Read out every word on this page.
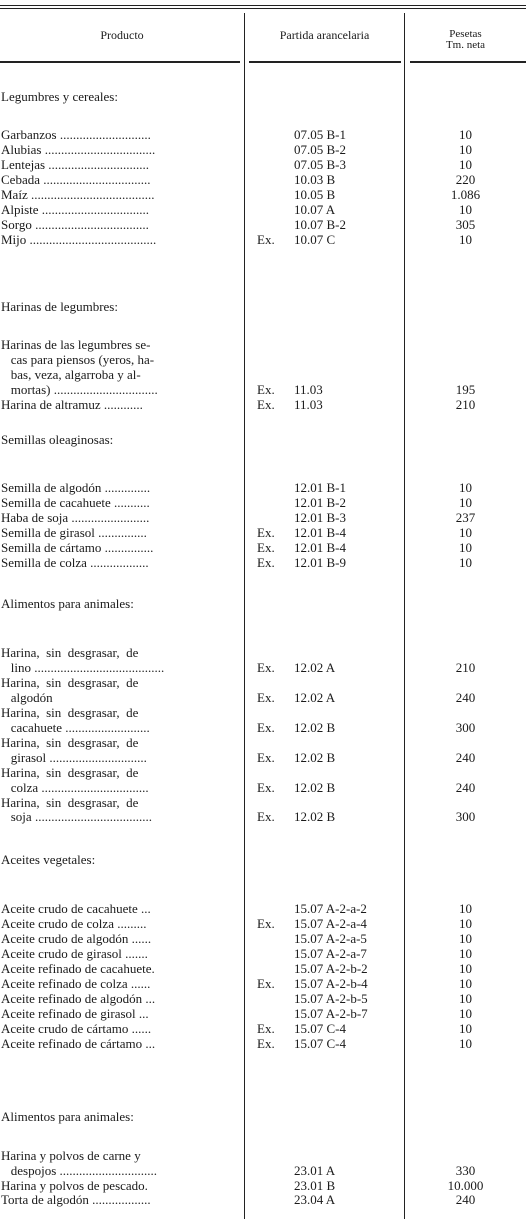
Producto	Partida arancelaria	Pesetas
Tm. neta
Legumbres y cereales:
Garbanzos ............................	07.05 B-1	10
Alubias ..................................	07.05 B-2	10
Lentejas ...............................	07.05 B-3	10
Cebada .................................	10.03 B	220
Maíz ......................................	10.05 B	1.086
Alpiste .................................	10.07 A	10
Sorgo ...................................	10.07 B-2	305
Mijo .......................................	Ex. 10.07 C	10
Harinas de legumbres:
Harinas de las legumbres se-
cas para piensos (yeros, ha-
bas, veza, algarroba y al-
mortas) ................................	Ex. 11.03	195
Harina de altramuz ............	Ex. 11.03	210
Semillas oleaginosas:
Semilla de algodón ..............	12.01 B-1	10
Semilla de cacahuete ...........	12.01 B-2	10
Haba de soja ........................	12.01 B-3	237
Semilla de girasol ...............	Ex. 12.01 B-4	10
Semilla de cártamo ...............	Ex. 12.01 B-4	10
Semilla de colza ..................	Ex. 12.01 B-9	10
Alimentos para animales:
Harina,  sin  desgrasar,  de
lino ........................................	Ex. 12.02 A	210
Harina,  sin  desgrasar,  de
algodón	Ex. 12.02 A	240
Harina,  sin  desgrasar,  de
cacahuete ..........................	Ex. 12.02 B	300
Harina,  sin  desgrasar,  de
girasol ..............................	Ex. 12.02 B	240
Harina,  sin  desgrasar,  de
colza .................................	Ex. 12.02 B	240
Harina,  sin  desgrasar,  de
soja ....................................	Ex. 12.02 B	300
Aceites vegetales:
Aceite crudo de cacahuete ...	15.07 A-2-a-2	10
Aceite crudo de colza .........	Ex. 15.07 A-2-a-4	10
Aceite crudo de algodón ......	15.07 A-2-a-5	10
Aceite crudo de girasol .......	15.07 A-2-a-7	10
Aceite refinado de cacahuete.	15.07 A-2-b-2	10
Aceite refinado de colza ......	Ex. 15.07 A-2-b-4	10
Aceite refinado de algodón ...	15.07 A-2-b-5	10
Aceite refinado de girasol ...	15.07 A-2-b-7	10
Aceite crudo de cártamo ......	Ex. 15.07 C-4	10
Aceite refinado de cártamo ...	Ex. 15.07 C-4	10
Alimentos para animales:
Harina y polvos de carne y
despojos ..............................	23.01 A	330
Harina y polvos de pescado.	23.01 B	10.000
Torta de algodón ..................	23.04 A	240
